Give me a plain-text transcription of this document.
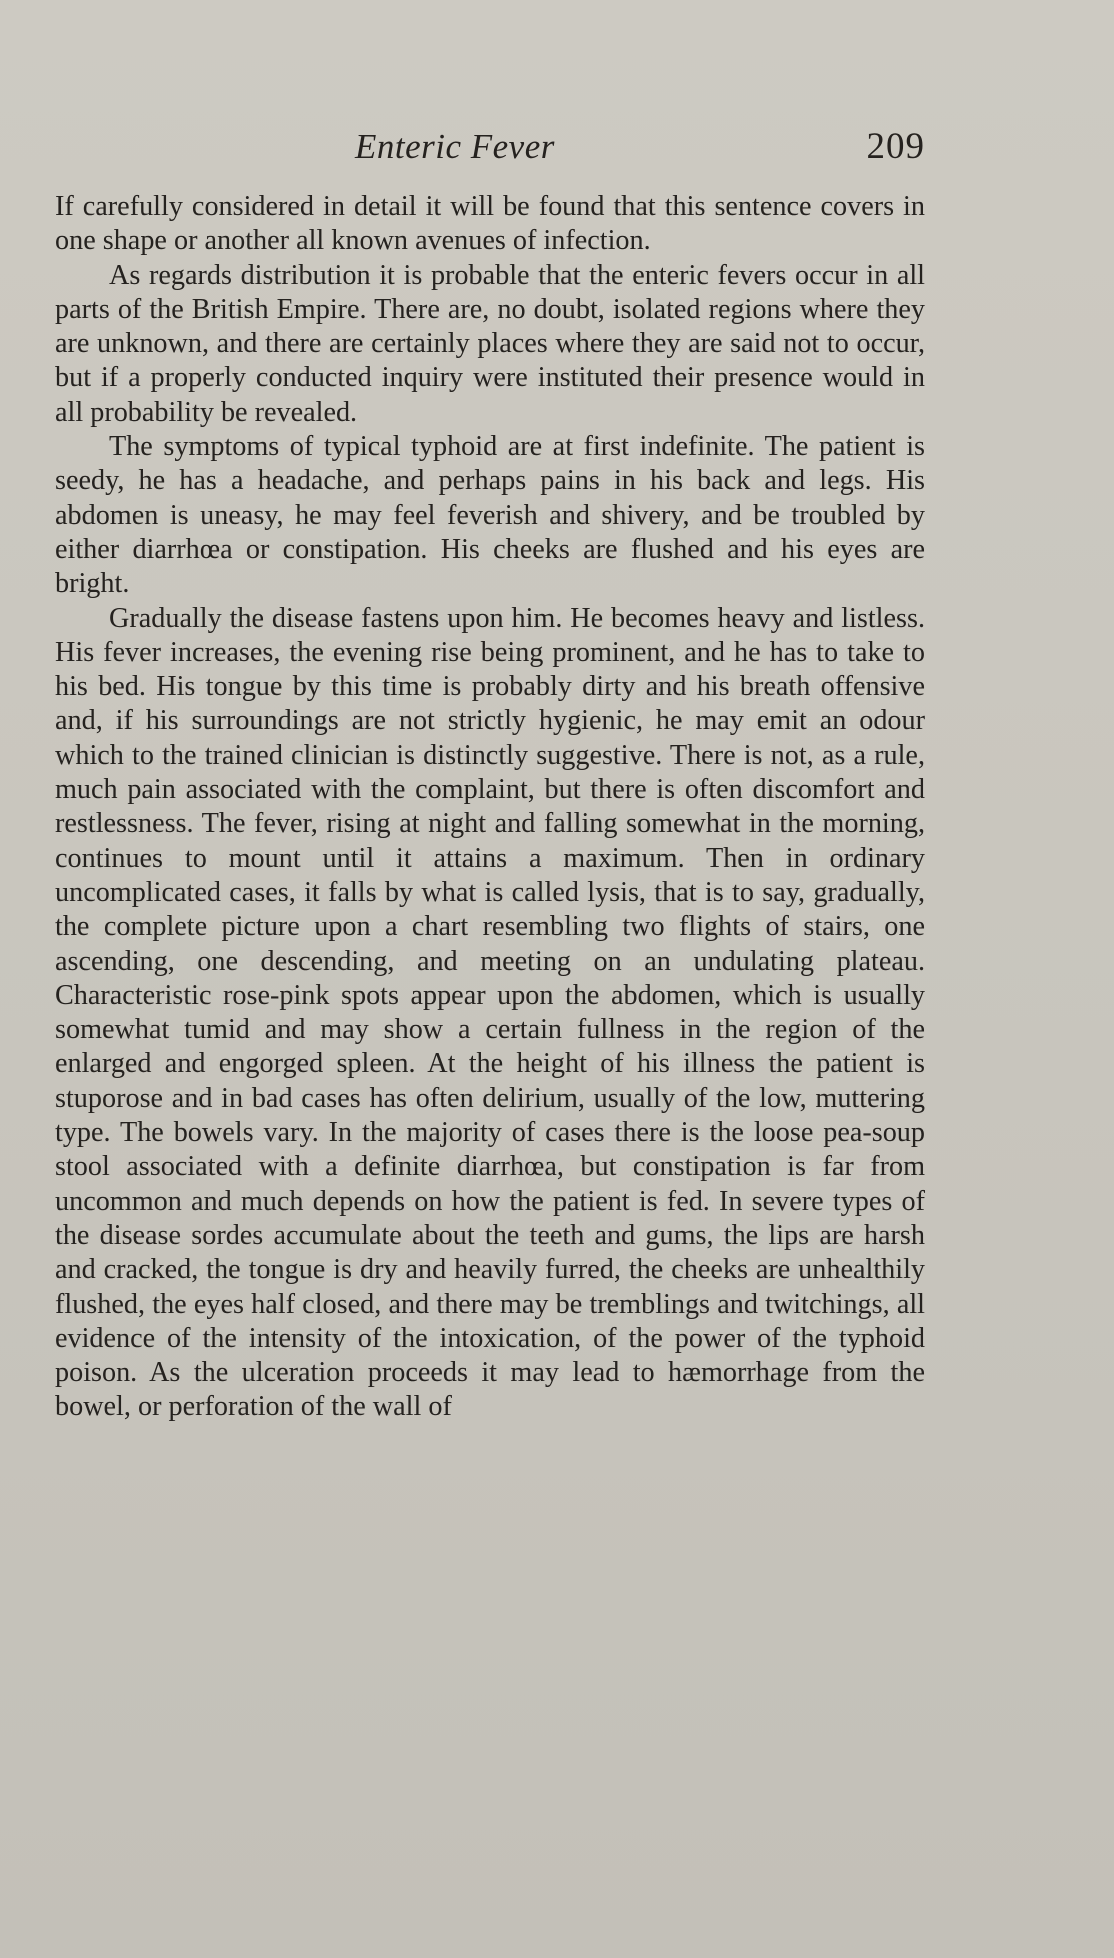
Enteric Fever	209

If carefully considered in detail it will be found that this sentence covers in one shape or another all known avenues of infection.

As regards distribution it is probable that the enteric fevers occur in all parts of the British Empire. There are, no doubt, isolated regions where they are unknown, and there are certainly places where they are said not to occur, but if a properly conducted inquiry were instituted their presence would in all probability be revealed.

The symptoms of typical typhoid are at first indefinite. The patient is seedy, he has a headache, and perhaps pains in his back and legs. His abdomen is uneasy, he may feel feverish and shivery, and be troubled by either diarrhœa or constipation. His cheeks are flushed and his eyes are bright.

Gradually the disease fastens upon him. He becomes heavy and listless. His fever increases, the evening rise being prominent, and he has to take to his bed. His tongue by this time is probably dirty and his breath offensive and, if his surroundings are not strictly hygienic, he may emit an odour which to the trained clinician is distinctly suggestive. There is not, as a rule, much pain associated with the complaint, but there is often discomfort and restlessness. The fever, rising at night and falling somewhat in the morning, continues to mount until it attains a maximum. Then in ordinary uncomplicated cases, it falls by what is called lysis, that is to say, gradually, the complete picture upon a chart resembling two flights of stairs, one ascending, one descending, and meeting on an undulating plateau. Characteristic rose-pink spots appear upon the abdomen, which is usually somewhat tumid and may show a certain fullness in the region of the enlarged and engorged spleen. At the height of his illness the patient is stuporose and in bad cases has often delirium, usually of the low, muttering type. The bowels vary. In the majority of cases there is the loose pea-soup stool associated with a definite diarrhœa, but constipation is far from uncommon and much depends on how the patient is fed. In severe types of the disease sordes accumulate about the teeth and gums, the lips are harsh and cracked, the tongue is dry and heavily furred, the cheeks are unhealthily flushed, the eyes half closed, and there may be tremblings and twitchings, all evidence of the intensity of the intoxication, of the power of the typhoid poison. As the ulceration proceeds it may lead to hæmorrhage from the bowel, or perforation of the wall of
